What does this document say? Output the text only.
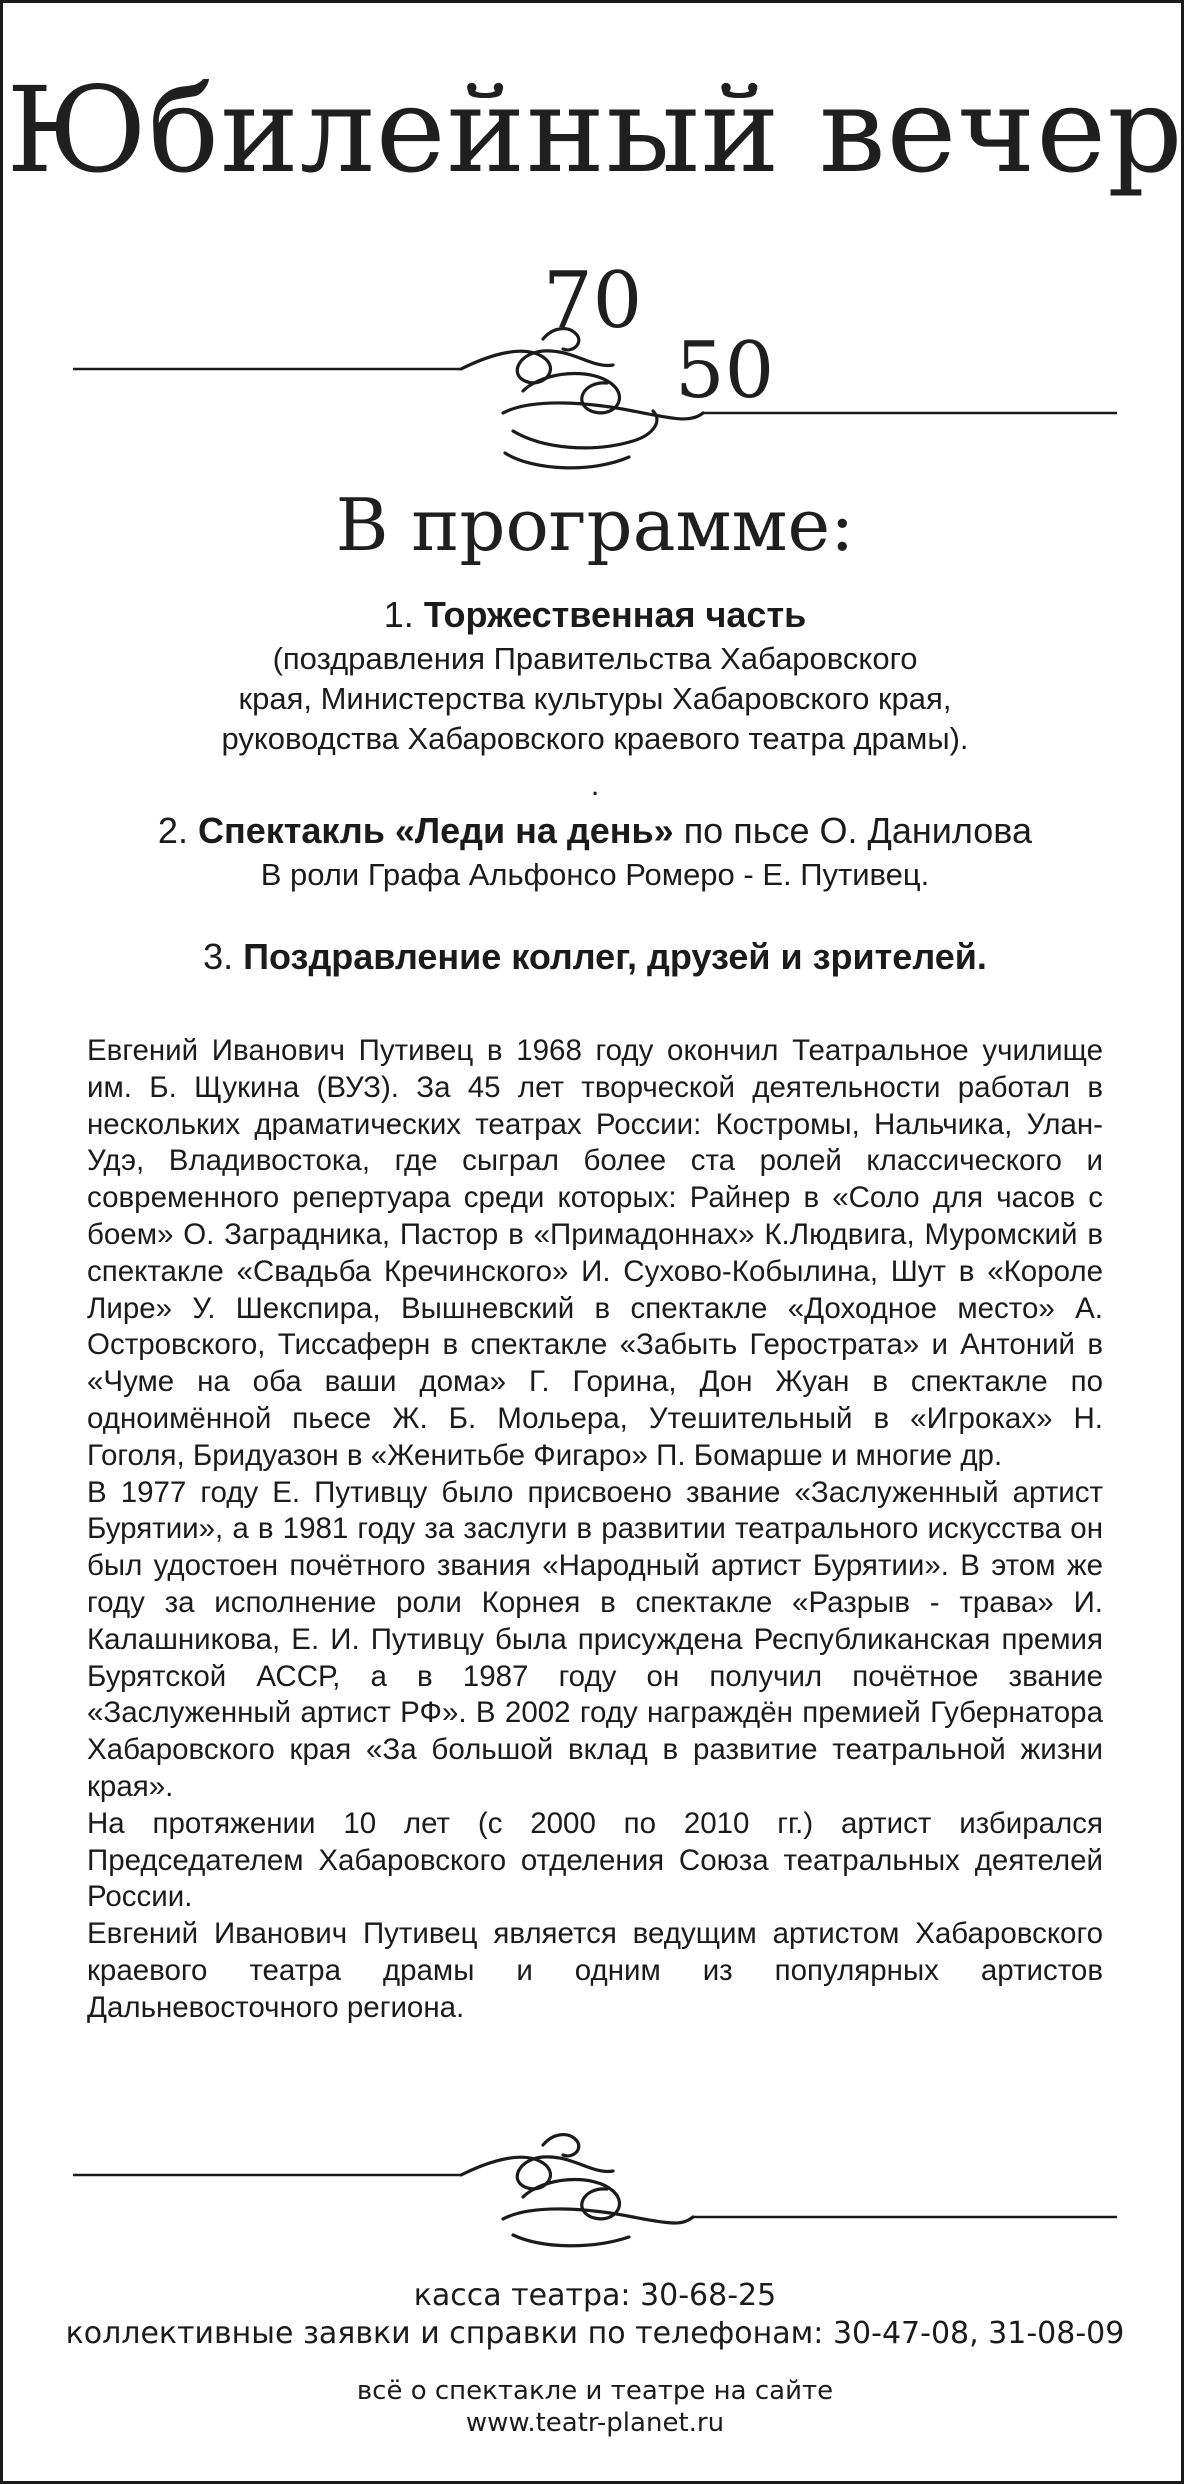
Юбилейный вечер
70
50
В программе:
1. Торжественная часть
(поздравления Правительства Хабаровского
края, Министерства культуры Хабаровского края,
руководства Хабаровского краевого театра драмы).
.
2. Спектакль «Леди на день» по пьсе О. Данилова
В роли Графа Альфонсо Ромеро - Е. Путивец.
3. Поздравление коллег, друзей и зрителей.

Евгений Иванович Путивец в 1968 году окончил Театральное училище им. Б. Щукина (ВУЗ). За 45 лет творческой деятельности работал в нескольких драматических театрах России: Костромы, Нальчика, Улан-Удэ, Владивостока, где сыграл более ста ролей классического и современного репертуара среди которых: Райнер в «Соло для часов с боем» О. Заградника, Пастор в «Примадоннах» К.Людвига, Муромский в спектакле «Свадьба Кречинского» И. Сухово-Кобылина, Шут в «Короле Лире» У. Шекспира, Вышневский в спектакле «Доходное место» А. Островского, Тиссаферн в спектакле «Забыть Герострата» и Антоний в «Чуме на оба ваши дома» Г. Горина, Дон Жуан в спектакле по одноимённой пьесе Ж. Б. Мольера, Утешительный в «Игроках» Н. Гоголя, Бридуазон в «Женитьбе Фигаро» П. Бомарше и многие др.

В 1977 году Е. Путивцу было присвоено звание «Заслуженный артист Бурятии», а в 1981 году за заслуги в развитии театрального искусства он был удостоен почётного звания «Народный артист Бурятии». В этом же году за исполнение роли Корнея в спектакле «Разрыв - трава» И. Калашникова, Е. И. Путивцу была присуждена Республиканская премия Бурятской АССР, а в 1987 году он получил почётное звание «Заслуженный артист РФ». В 2002 году награждён премией Губернатора Хабаровского края «За большой вклад в развитие театральной жизни края».

На протяжении 10 лет (с 2000 по 2010 гг.) артист избирался Председателем Хабаровского отделения Союза театральных деятелей России.

Евгений Иванович Путивец является ведущим артистом Хабаровского краевого театра драмы и одним из популярных артистов Дальневосточного региона.

касса театра: 30-68-25
коллективные заявки и справки по телефонам: 30-47-08, 31-08-09
всё о спектакле и театре на сайте
www.teatr-planet.ru
